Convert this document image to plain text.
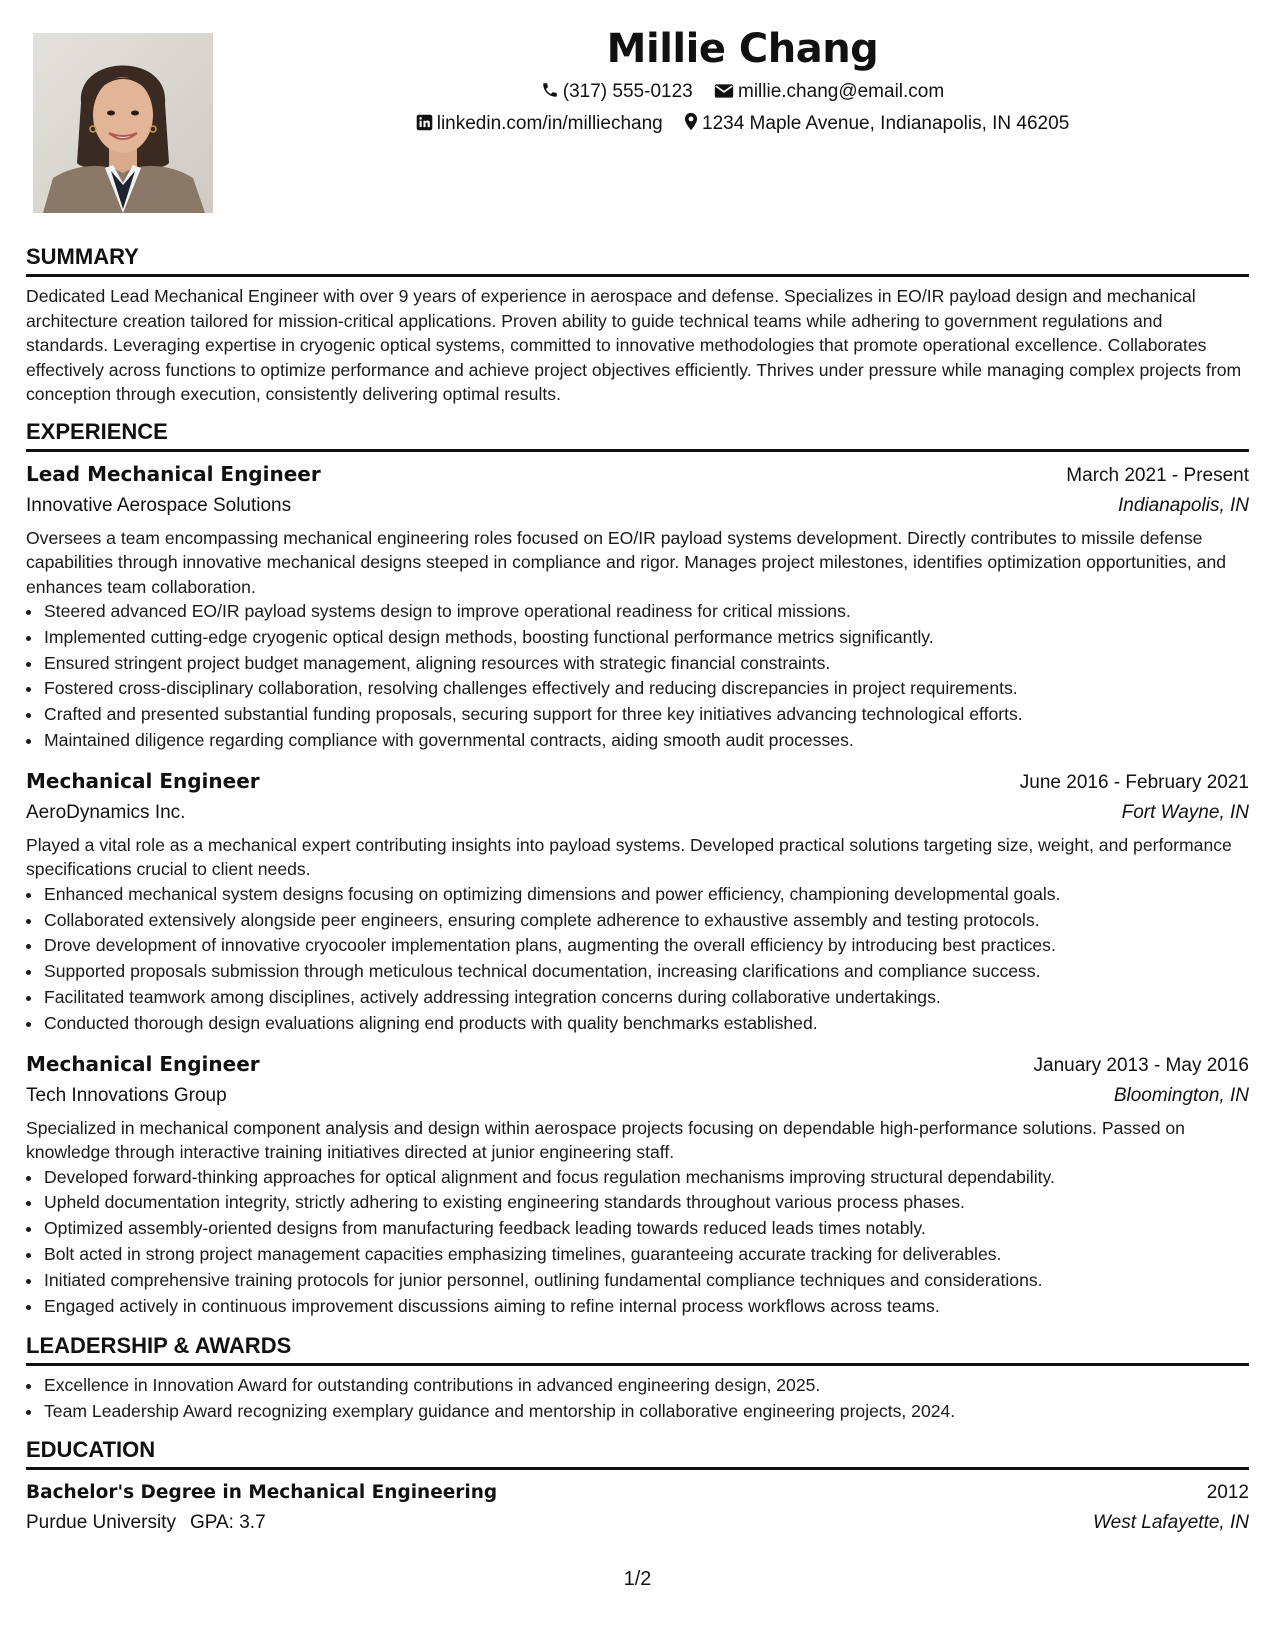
Millie Chang
(317) 555-0123 millie.chang@email.com
linkedin.com/in/milliechang 1234 Maple Avenue, Indianapolis, IN 46205
SUMMARY
Dedicated Lead Mechanical Engineer with over 9 years of experience in aerospace and defense. Specializes in EO/IR payload design and mechanical architecture creation tailored for mission-critical applications. Proven ability to guide technical teams while adhering to government regulations and standards. Leveraging expertise in cryogenic optical systems, committed to innovative methodologies that promote operational excellence. Collaborates effectively across functions to optimize performance and achieve project objectives efficiently. Thrives under pressure while managing complex projects from conception through execution, consistently delivering optimal results.
EXPERIENCE
Lead Mechanical Engineer	March 2021 - Present
Innovative Aerospace Solutions	Indianapolis, IN
Oversees a team encompassing mechanical engineering roles focused on EO/IR payload systems development. Directly contributes to missile defense capabilities through innovative mechanical designs steeped in compliance and rigor. Manages project milestones, identifies optimization opportunities, and enhances team collaboration.
• Steered advanced EO/IR payload systems design to improve operational readiness for critical missions.
• Implemented cutting-edge cryogenic optical design methods, boosting functional performance metrics significantly.
• Ensured stringent project budget management, aligning resources with strategic financial constraints.
• Fostered cross-disciplinary collaboration, resolving challenges effectively and reducing discrepancies in project requirements.
• Crafted and presented substantial funding proposals, securing support for three key initiatives advancing technological efforts.
• Maintained diligence regarding compliance with governmental contracts, aiding smooth audit processes.
Mechanical Engineer	June 2016 - February 2021
AeroDynamics Inc.	Fort Wayne, IN
Played a vital role as a mechanical expert contributing insights into payload systems. Developed practical solutions targeting size, weight, and performance specifications crucial to client needs.
• Enhanced mechanical system designs focusing on optimizing dimensions and power efficiency, championing developmental goals.
• Collaborated extensively alongside peer engineers, ensuring complete adherence to exhaustive assembly and testing protocols.
• Drove development of innovative cryocooler implementation plans, augmenting the overall efficiency by introducing best practices.
• Supported proposals submission through meticulous technical documentation, increasing clarifications and compliance success.
• Facilitated teamwork among disciplines, actively addressing integration concerns during collaborative undertakings.
• Conducted thorough design evaluations aligning end products with quality benchmarks established.
Mechanical Engineer	January 2013 - May 2016
Tech Innovations Group	Bloomington, IN
Specialized in mechanical component analysis and design within aerospace projects focusing on dependable high-performance solutions. Passed on knowledge through interactive training initiatives directed at junior engineering staff.
• Developed forward-thinking approaches for optical alignment and focus regulation mechanisms improving structural dependability.
• Upheld documentation integrity, strictly adhering to existing engineering standards throughout various process phases.
• Optimized assembly-oriented designs from manufacturing feedback leading towards reduced leads times notably.
• Bolt acted in strong project management capacities emphasizing timelines, guaranteeing accurate tracking for deliverables.
• Initiated comprehensive training protocols for junior personnel, outlining fundamental compliance techniques and considerations.
• Engaged actively in continuous improvement discussions aiming to refine internal process workflows across teams.
LEADERSHIP & AWARDS
• Excellence in Innovation Award for outstanding contributions in advanced engineering design, 2025.
• Team Leadership Award recognizing exemplary guidance and mentorship in collaborative engineering projects, 2024.
EDUCATION
Bachelor's Degree in Mechanical Engineering	2012
Purdue University GPA: 3.7	West Lafayette, IN
1/2
